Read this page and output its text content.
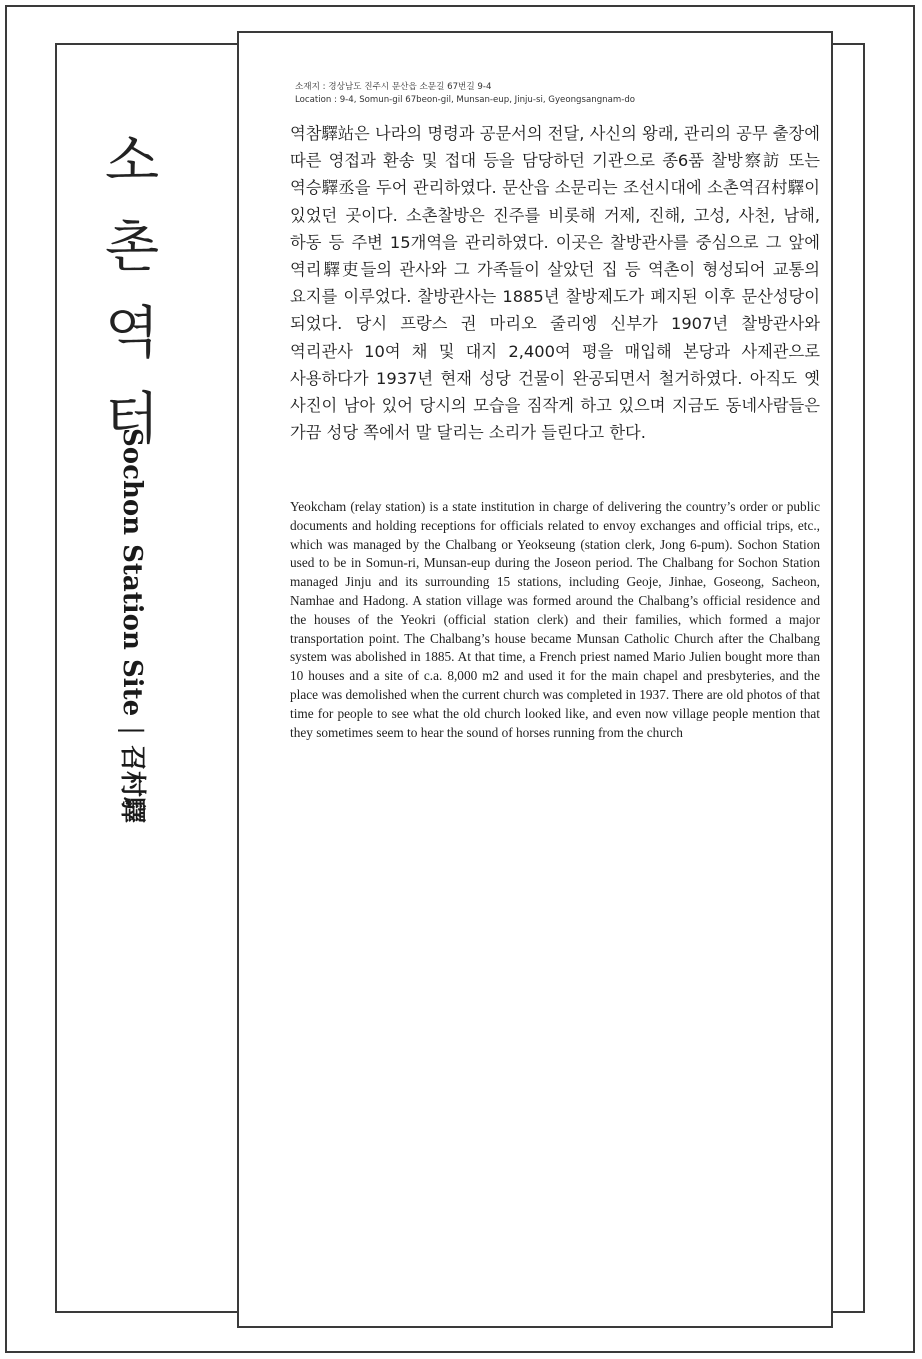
소
촌
역
터
Sochon Station Site|召村驛
소재지 : 경상남도 진주시 문산읍 소문길 67번길 9-4
Location : 9-4, Somun-gil 67beon-gil, Munsan-eup, Jinju-si, Gyeongsangnam-do
역참驛站은 나라의 명령과 공문서의 전달, 사신의 왕래, 관리의 공무 출장에 따른 영접과 환송 및 접대 등을 담당하던 기관으로 종6품 찰방察訪 또는 역승驛丞을 두어 관리하였다. 문산읍 소문리는 조선시대에 소촌역召村驛이 있었던 곳이다. 소촌찰방은 진주를 비롯해 거제, 진해, 고성, 사천, 남해, 하동 등 주변 15개역을 관리하였다. 이곳은 찰방관사를 중심으로 그 앞에 역리驛吏들의 관사와 그 가족들이 살았던 집 등 역촌이 형성되어 교통의 요지를 이루었다. 찰방관사는 1885년 찰방제도가 폐지된 이후 문산성당이 되었다. 당시 프랑스 권 마리오 줄리엥 신부가 1907년 찰방관사와 역리관사 10여 채 및 대지 2,400여 평을 매입해 본당과 사제관으로 사용하다가 1937년 현재 성당 건물이 완공되면서 철거하였다. 아직도 옛 사진이 남아 있어 당시의 모습을 짐작게 하고 있으며 지금도 동네사람들은 가끔 성당 쪽에서 말 달리는 소리가 들린다고 한다.
Yeokcham (relay station) is a state institution in charge of delivering the country’s order or public documents and holding receptions for officials related to envoy exchanges and official trips, etc., which was managed by the Chalbang or Yeokseung (station clerk, Jong 6-pum). Sochon Station used to be in Somun-ri, Munsan-eup during the Joseon period. The Chalbang for Sochon Station managed Jinju and its surrounding 15 stations, including Geoje, Jinhae, Goseong, Sacheon, Namhae and Hadong. A station village was formed around the Chalbang’s official residence and the houses of the Yeokri (official station clerk) and their families, which formed a major transportation point. The Chalbang’s house became Munsan Catholic Church after the Chalbang system was abolished in 1885. At that time, a French priest named Mario Julien bought more than 10 houses and a site of c.a. 8,000 m2 and used it for the main chapel and presbyteries, and the place was demolished when the current church was completed in 1937. There are old photos of that time for people to see what the old church looked like, and even now village people mention that they sometimes seem to hear the sound of horses running from the church
